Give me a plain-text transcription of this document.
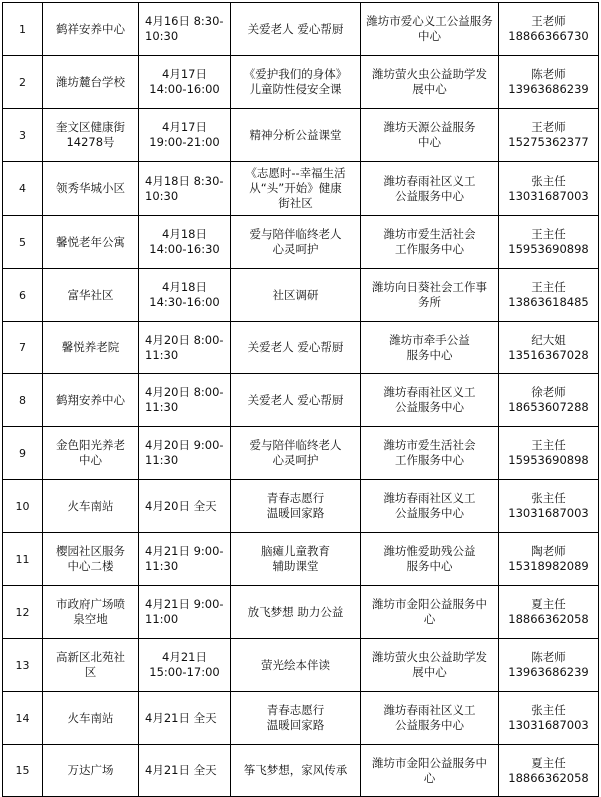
1	鹤祥安养中心	4月16日 8:30-
10:30	关爱老人 爱心帮厨	潍坊市爱心义工公益服务
中心	王老师
18866366730
2	潍坊麓台学校	4月17日
14:00-16:00	《爱护我们的身体》
儿童防性侵安全课	潍坊萤火虫公益助学发
展中心	陈老师
13963686239
3	奎文区健康街
14278号	4月17日
19:00-21:00	精神分析公益课堂	潍坊天源公益服务
中心	王老师
15275362377
4	领秀华城小区	4月18日 8:30-
10:30	《志愿时--幸福生活
从“头”开始》健康
街社区	潍坊春雨社区义工
公益服务中心	张主任
13031687003
5	馨悦老年公寓	4月18日
14:00-16:30	爱与陪伴临终老人
心灵呵护	潍坊市爱生活社会
工作服务中心	王主任
15953690898
6	富华社区	4月18日
14:30-16:00	社区调研	潍坊向日葵社会工作事
务所	王主任
13863618485
7	馨悦养老院	4月20日 8:00-
11:30	关爱老人 爱心帮厨	潍坊市牵手公益
服务中心	纪大姐
13516367028
8	鹤翔安养中心	4月20日 8:00-
11:30	关爱老人 爱心帮厨	潍坊春雨社区义工
公益服务中心	徐老师
18653607288
9	金色阳光养老
中心	4月20日 9:00-
11:30	爱与陪伴临终老人
心灵呵护	潍坊市爱生活社会
工作服务中心	王主任
15953690898
10	火车南站	4月20日 全天	青春志愿行
温暖回家路	潍坊春雨社区义工
公益服务中心	张主任
13031687003
11	樱园社区服务
中心二楼	4月21日 9:00-
11:30	脑瘫儿童教育
辅助课堂	潍坊惟爱助残公益
服务中心	陶老师
15318982089
12	市政府广场喷
泉空地	4月21日 9:00-
11:00	放飞梦想 助力公益	潍坊市金阳公益服务中
心	夏主任
18866362058
13	高新区北苑社
区	4月21日
15:00-17:00	萤光绘本伴读	潍坊萤火虫公益助学发
展中心	陈老师
13963686239
14	火车南站	4月21日 全天	青春志愿行
温暖回家路	潍坊春雨社区义工
公益服务中心	张主任
13031687003
15	万达广场	4月21日 全天	筝飞梦想，家风传承	潍坊市金阳公益服务中
心	夏主任
18866362058
